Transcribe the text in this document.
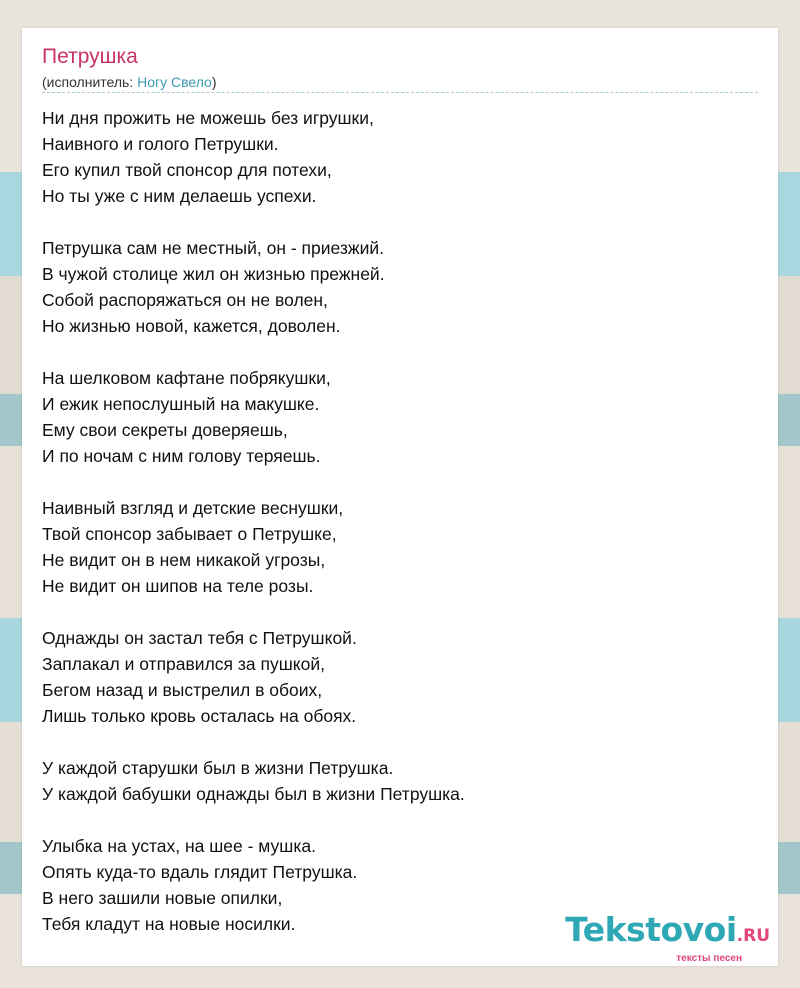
Петрушка
(исполнитель: Ногу Свело)
Ни дня прожить не можешь без игрушки,
Наивного и голого Петрушки.
Его купил твой спонсор для потехи,
Но ты уже с ним делаешь успехи.
Петрушка сам не местный, он - приезжий.
В чужой столице жил он жизнью прежней.
Собой распоряжаться он не волен,
Но жизнью новой, кажется, доволен.
На шелковом кафтане побрякушки,
И ежик непослушный на макушке.
Ему свои секреты доверяешь,
И по ночам с ним голову теряешь.
Наивный взгляд и детские веснушки,
Твой спонсор забывает о Петрушке,
Не видит он в нем никакой угрозы,
Не видит он шипов на теле розы.
Однажды он застал тебя с Петрушкой.
Заплакал и отправился за пушкой,
Бегом назад и выстрелил в обоих,
Лишь только кровь осталась на обоях.
У каждой старушки был в жизни Петрушка.
У каждой бабушки однажды был в жизни Петрушка.
Улыбка на устах, на шее - мушка.
Опять куда-то вдаль глядит Петрушка.
В него зашили новые опилки,
Тебя кладут на новые носилки.	Tekstovoi.RU
тексты песен
